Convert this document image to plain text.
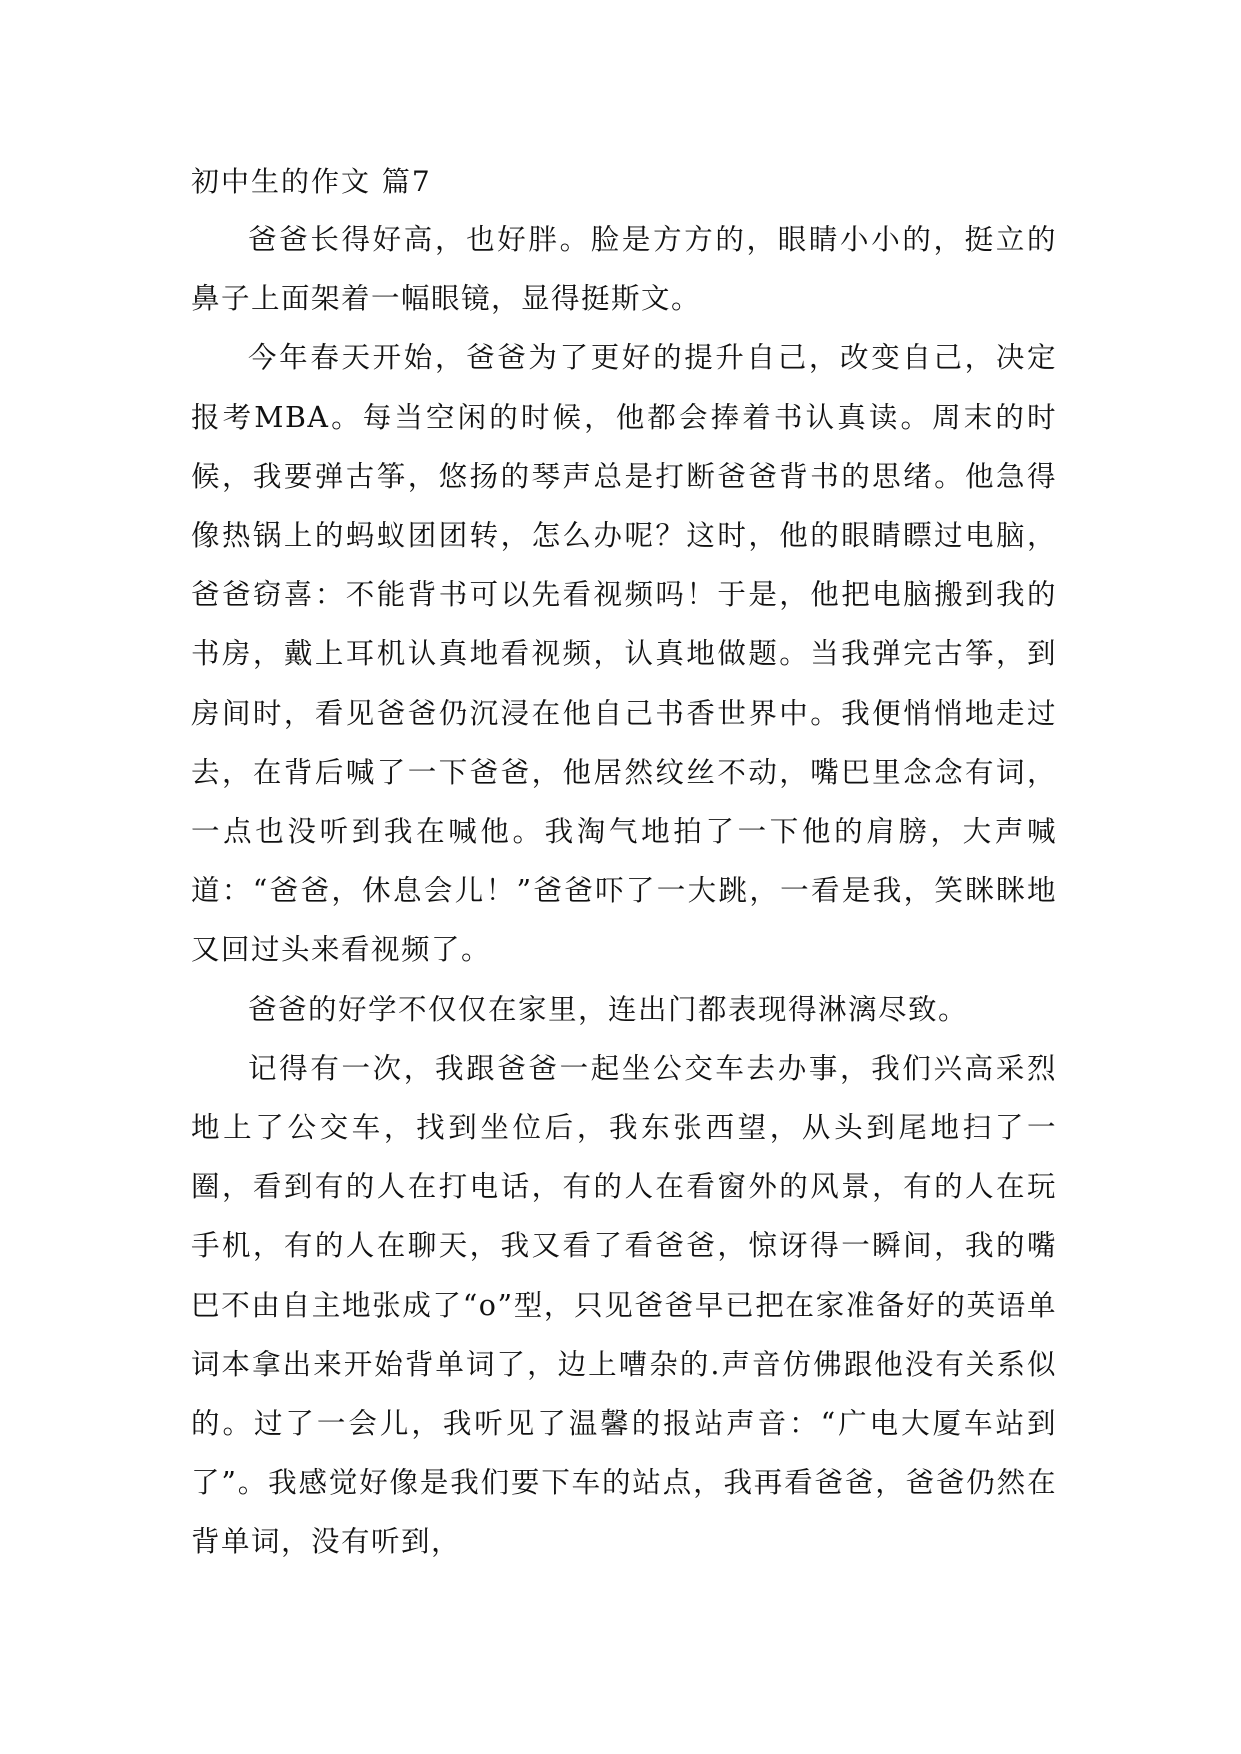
初中生的作文 篇7

爸爸长得好高，也好胖。脸是方方的，眼睛小小的，挺立的鼻子上面架着一幅眼镜，显得挺斯文。

今年春天开始，爸爸为了更好的提升自己，改变自己，决定报考MBA。每当空闲的时候，他都会捧着书认真读。周末的时候，我要弹古筝，悠扬的琴声总是打断爸爸背书的思绪。他急得像热锅上的蚂蚁团团转，怎么办呢？这时，他的眼睛瞟过电脑，爸爸窃喜：不能背书可以先看视频吗！于是，他把电脑搬到我的书房，戴上耳机认真地看视频，认真地做题。当我弹完古筝，到房间时，看见爸爸仍沉浸在他自己书香世界中。我便悄悄地走过去，在背后喊了一下爸爸，他居然纹丝不动，嘴巴里念念有词，一点也没听到我在喊他。我淘气地拍了一下他的肩膀，大声喊道：“爸爸，休息会儿！”爸爸吓了一大跳，一看是我，笑眯眯地又回过头来看视频了。

爸爸的好学不仅仅在家里，连出门都表现得淋漓尽致。

记得有一次，我跟爸爸一起坐公交车去办事，我们兴高采烈地上了公交车，找到坐位后，我东张西望，从头到尾地扫了一圈，看到有的人在打电话，有的人在看窗外的风景，有的人在玩手机，有的人在聊天，我又看了看爸爸，惊讶得一瞬间，我的嘴巴不由自主地张成了“o”型，只见爸爸早已把在家准备好的英语单词本拿出来开始背单词了，边上嘈杂的.声音仿佛跟他没有关系似的。过了一会儿，我听见了温馨的报站声音：“广电大厦车站到了”。我感觉好像是我们要下车的站点，我再看爸爸，爸爸仍然在背单词，没有听到，
